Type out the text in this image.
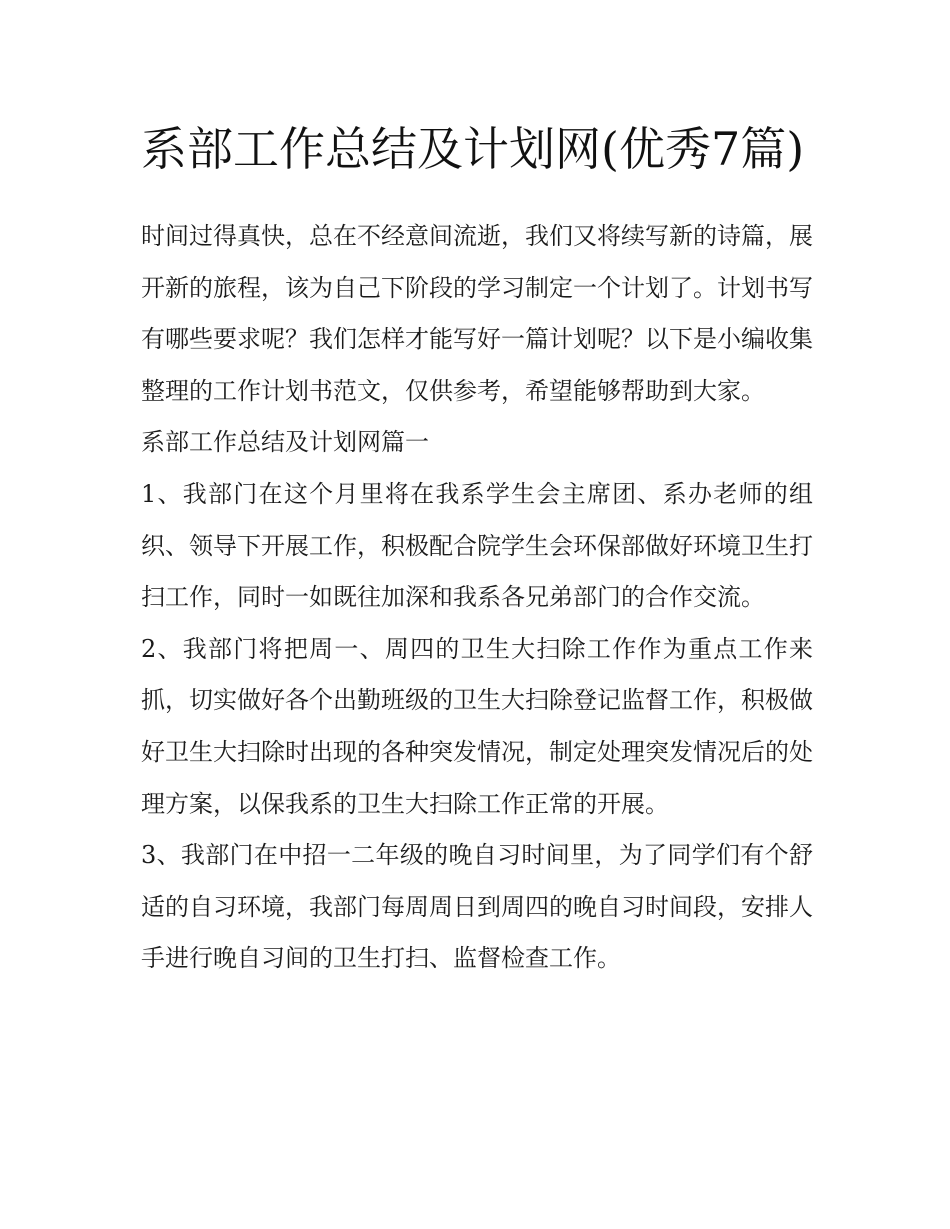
系部工作总结及计划网(优秀7篇)

时间过得真快，总在不经意间流逝，我们又将续写新的诗篇，展开新的旅程，该为自己下阶段的学习制定一个计划了。计划书写有哪些要求呢？我们怎样才能写好一篇计划呢？以下是小编收集整理的工作计划书范文，仅供参考，希望能够帮助到大家。

系部工作总结及计划网篇一

1、我部门在这个月里将在我系学生会主席团、系办老师的组织、领导下开展工作，积极配合院学生会环保部做好环境卫生打扫工作，同时一如既往加深和我系各兄弟部门的合作交流。

2、我部门将把周一、周四的卫生大扫除工作作为重点工作来抓，切实做好各个出勤班级的卫生大扫除登记监督工作，积极做好卫生大扫除时出现的各种突发情况，制定处理突发情况后的处理方案，以保我系的卫生大扫除工作正常的开展。

3、我部门在中招一二年级的晚自习时间里，为了同学们有个舒适的自习环境，我部门每周周日到周四的晚自习时间段，安排人手进行晚自习间的卫生打扫、监督检查工作。
